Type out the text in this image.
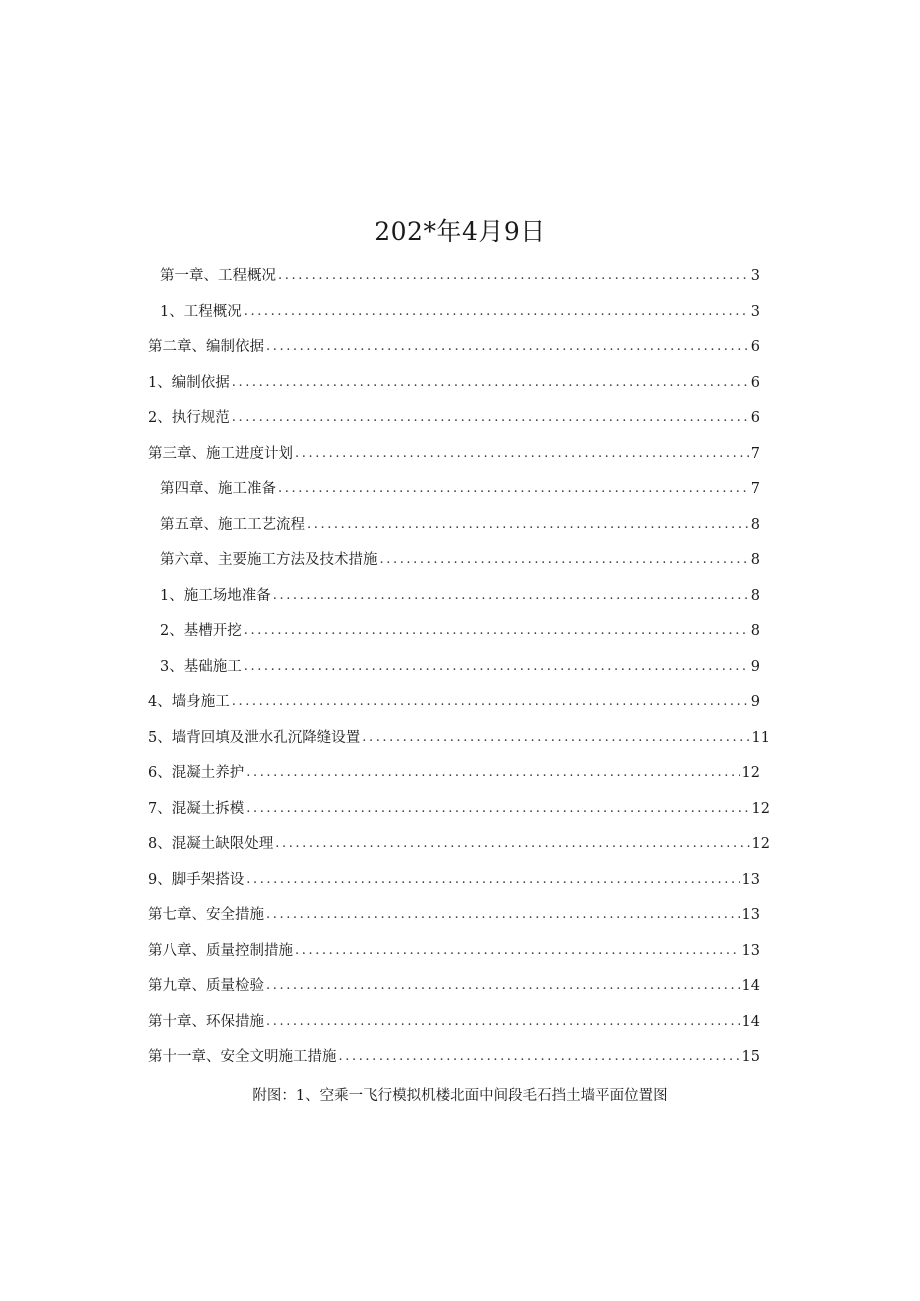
202*年4月9日
第一章、工程概况 .....	3
1、工程概况 .....	3
第二章、编制依据 .....	6
1、编制依据 .....	6
2、执行规范 .....	6
第三章、施工进度计划 .....	7
第四章、施工准备 .....	7
第五章、施工工艺流程 .....	8
第六章、主要施工方法及技术措施 .....	8
1、施工场地准备 .....	8
2、基槽开挖 .....	8
3、基础施工 .....	9
4、墙身施工 .....	9
5、墙背回填及泄水孔沉降缝设置 .....	11
6、混凝土养护 .....	12
7、混凝土拆模 .....	12
8、混凝土缺限处理 .....	12
9、脚手架搭设 .....	13
第七章、安全措施 .....	13
第八章、质量控制措施 .....	13
第九章、质量检验 .....	14
第十章、环保措施 .....	14
第十一章、安全文明施工措施 .....	15

附图：1、空乘一飞行模拟机楼北面中间段毛石挡土墙平面位置图
